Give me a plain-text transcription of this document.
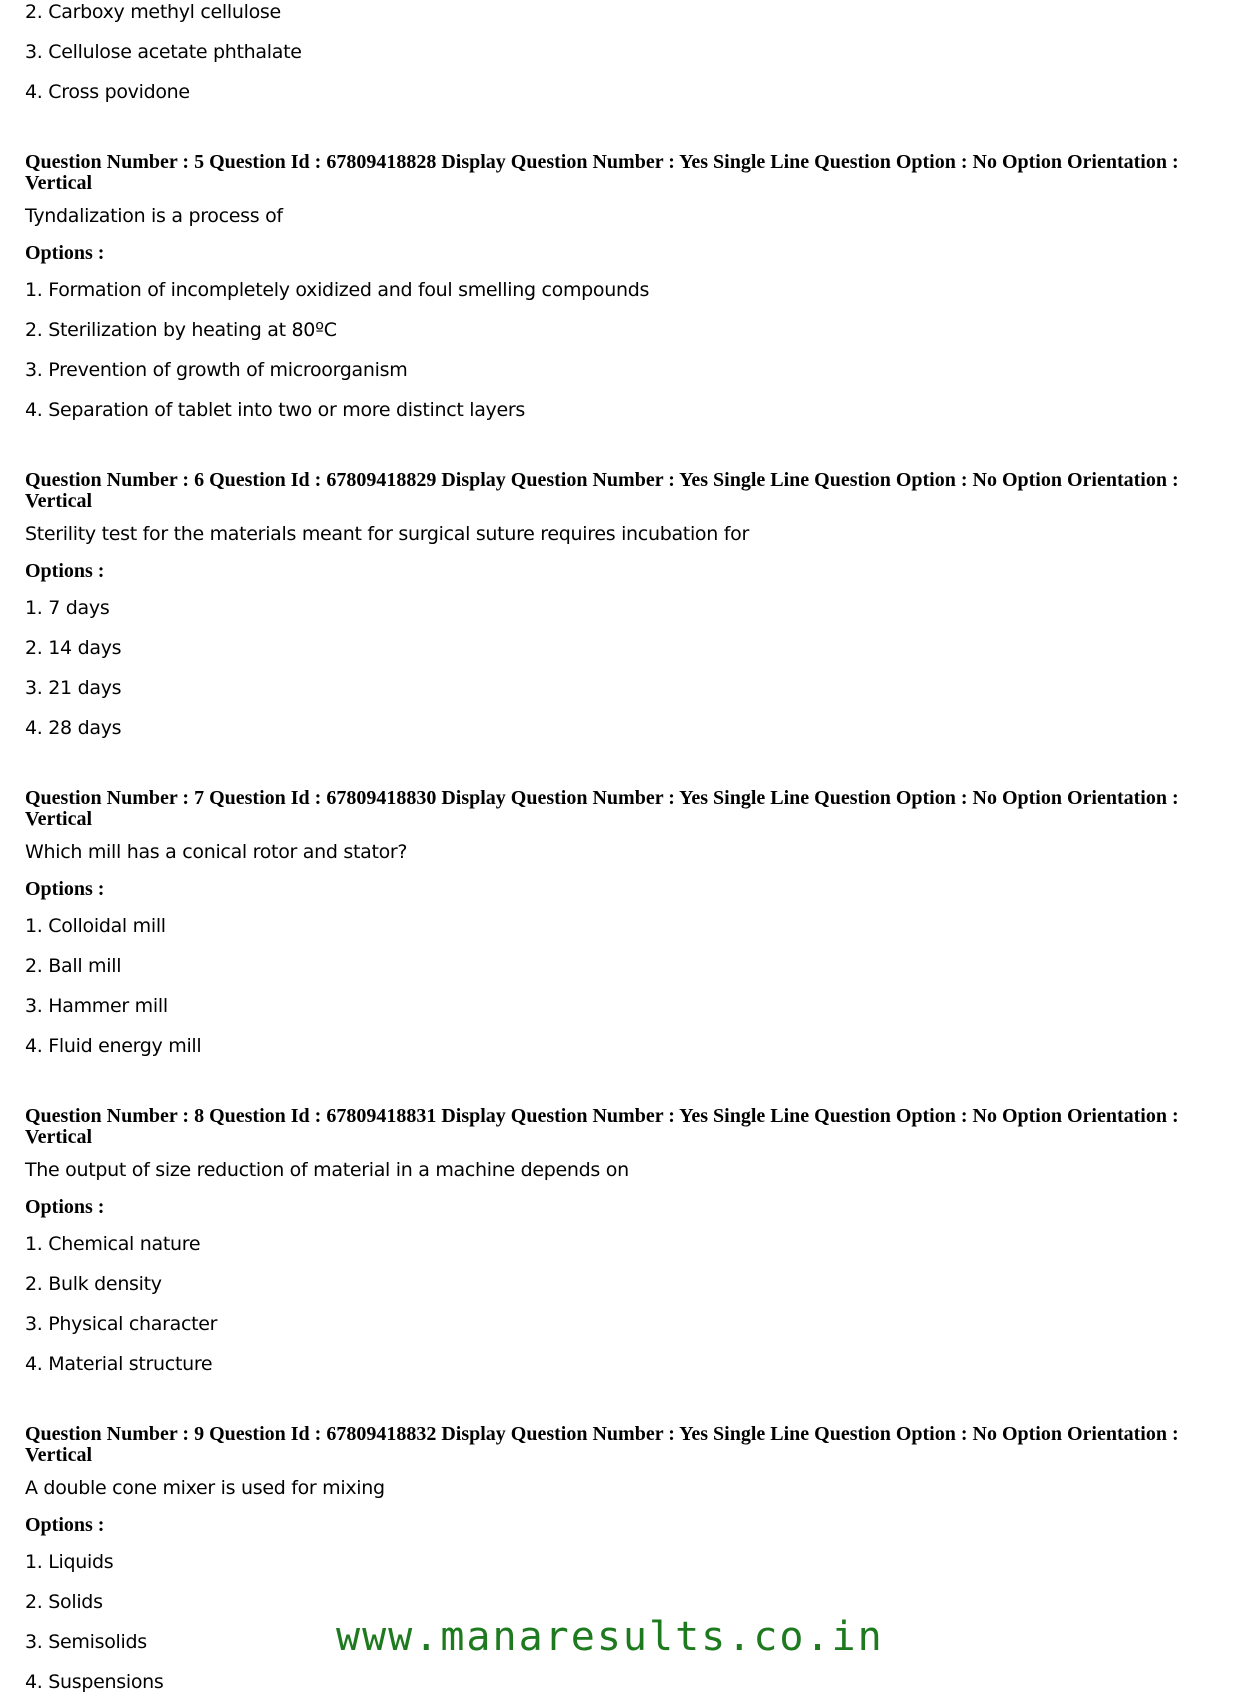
2. Carboxy methyl cellulose
3. Cellulose acetate phthalate
4. Cross povidone
Question Number : 5 Question Id : 67809418828 Display Question Number : Yes Single Line Question Option : No Option Orientation : Vertical
Tyndalization is a process of
Options :
1. Formation of incompletely oxidized and foul smelling compounds
2. Sterilization by heating at 80ºC
3. Prevention of growth of microorganism
4. Separation of tablet into two or more distinct layers
Question Number : 6 Question Id : 67809418829 Display Question Number : Yes Single Line Question Option : No Option Orientation : Vertical
Sterility test for the materials meant for surgical suture requires incubation for
Options :
1. 7 days
2. 14 days
3. 21 days
4. 28 days
Question Number : 7 Question Id : 67809418830 Display Question Number : Yes Single Line Question Option : No Option Orientation : Vertical
Which mill has a conical rotor and stator?
Options :
1. Colloidal mill
2. Ball mill
3. Hammer mill
4. Fluid energy mill
Question Number : 8 Question Id : 67809418831 Display Question Number : Yes Single Line Question Option : No Option Orientation : Vertical
The output of size reduction of material in a machine depends on
Options :
1. Chemical nature
2. Bulk density
3. Physical character
4. Material structure
Question Number : 9 Question Id : 67809418832 Display Question Number : Yes Single Line Question Option : No Option Orientation : Vertical
A double cone mixer is used for mixing
Options :
1. Liquids
2. Solids
3. Semisolids
4. Suspensions
www.manaresults.co.in
